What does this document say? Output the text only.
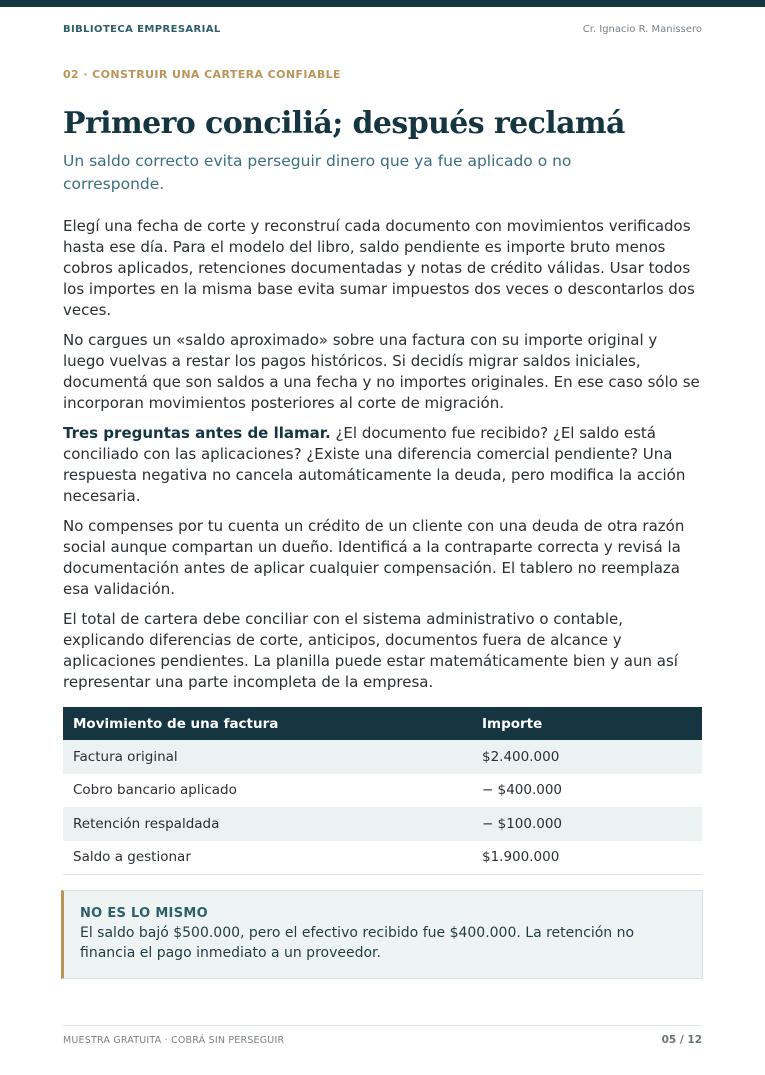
BIBLIOTECA EMPRESARIAL	Cr. Ignacio R. Manissero
02 · CONSTRUIR UNA CARTERA CONFIABLE
Primero conciliá; después reclamá
Un saldo correcto evita perseguir dinero que ya fue aplicado o no corresponde.

Elegí una fecha de corte y reconstruí cada documento con movimientos verificados hasta ese día. Para el modelo del libro, saldo pendiente es importe bruto menos cobros aplicados, retenciones documentadas y notas de crédito válidas. Usar todos los importes en la misma base evita sumar impuestos dos veces o descontarlos dos veces.

No cargues un «saldo aproximado» sobre una factura con su importe original y luego vuelvas a restar los pagos históricos. Si decidís migrar saldos iniciales, documentá que son saldos a una fecha y no importes originales. En ese caso sólo se incorporan movimientos posteriores al corte de migración.

Tres preguntas antes de llamar. ¿El documento fue recibido? ¿El saldo está conciliado con las aplicaciones? ¿Existe una diferencia comercial pendiente? Una respuesta negativa no cancela automáticamente la deuda, pero modifica la acción necesaria.

No compenses por tu cuenta un crédito de un cliente con una deuda de otra razón social aunque compartan un dueño. Identificá a la contraparte correcta y revisá la documentación antes de aplicar cualquier compensación. El tablero no reemplaza esa validación.

El total de cartera debe conciliar con el sistema administrativo o contable, explicando diferencias de corte, anticipos, documentos fuera de alcance y aplicaciones pendientes. La planilla puede estar matemáticamente bien y aun así representar una parte incompleta de la empresa.

Movimiento de una factura	Importe
Factura original	$2.400.000
Cobro bancario aplicado	− $400.000
Retención respaldada	− $100.000
Saldo a gestionar	$1.900.000
NO ES LO MISMO
El saldo bajó $500.000, pero el efectivo recibido fue $400.000. La retención no financia el pago inmediato a un proveedor.
MUESTRA GRATUITA · COBRÁ SIN PERSEGUIR	05 / 12
